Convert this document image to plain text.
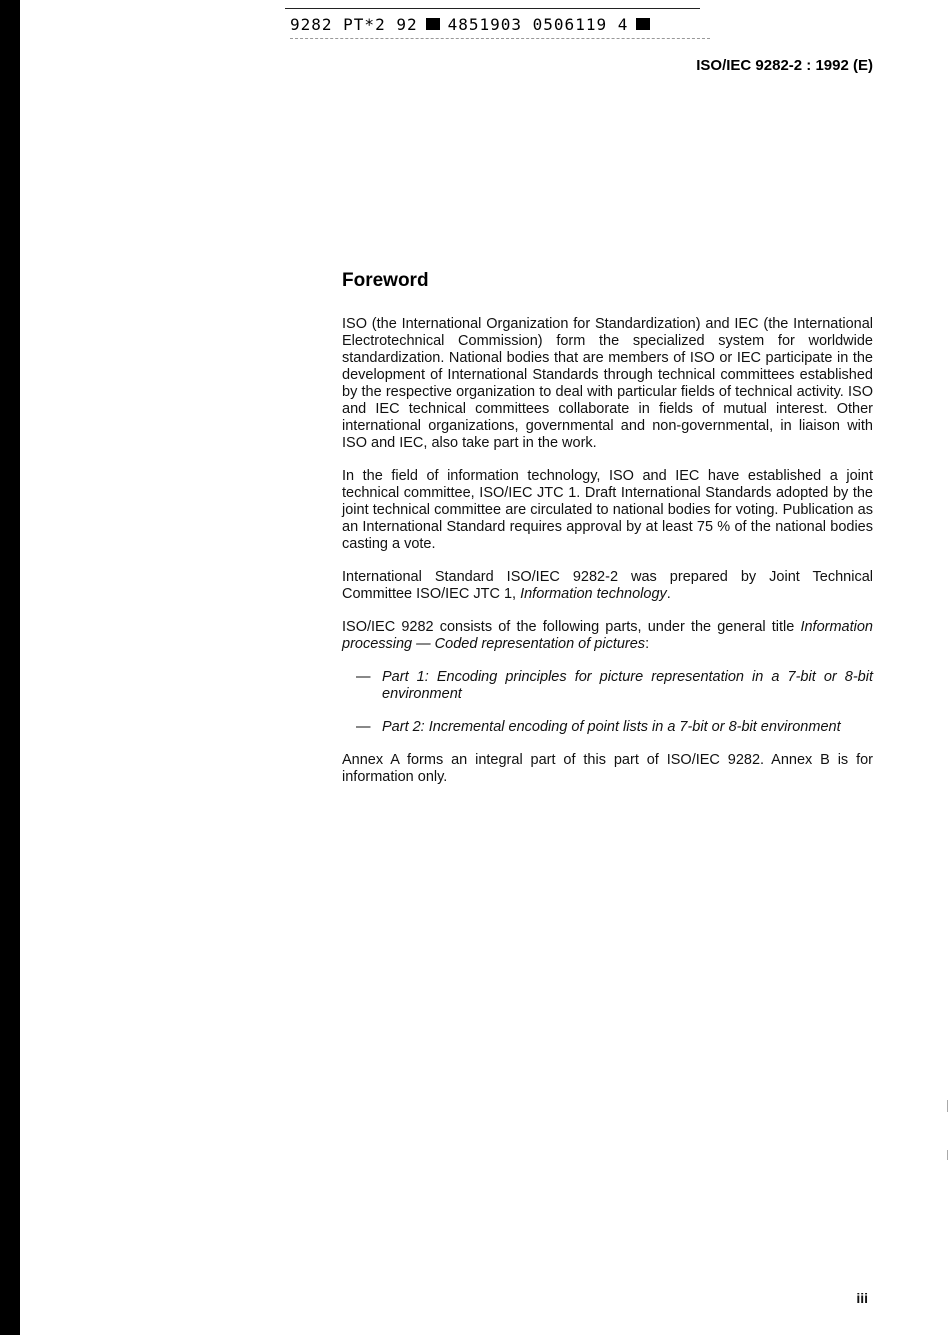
9282 PT*2 92 4851903 0506119 4
ISO/IEC 9282-2 : 1992 (E)
Foreword

ISO (the International Organization for Standardization) and IEC (the International Electrotechnical Commission) form the specialized system for worldwide standardization. National bodies that are members of ISO or IEC participate in the development of International Standards through technical committees established by the respective organization to deal with particular fields of technical activity. ISO and IEC technical committees collaborate in fields of mutual interest. Other international organizations, governmental and non-governmental, in liaison with ISO and IEC, also take part in the work.

In the field of information technology, ISO and IEC have established a joint technical committee, ISO/IEC JTC 1. Draft International Standards adopted by the joint technical committee are circulated to national bodies for voting. Publication as an International Standard requires approval by at least 75 % of the national bodies casting a vote.

International Standard ISO/IEC 9282-2 was prepared by Joint Technical Committee ISO/IEC JTC 1, Information technology.

ISO/IEC 9282 consists of the following parts, under the general title Information processing — Coded representation of pictures:

— Part 1: Encoding principles for picture representation in a 7-bit or 8-bit environment
— Part 2: Incremental encoding of point lists in a 7-bit or 8-bit environment

Annex A forms an integral part of this part of ISO/IEC 9282. Annex B is for information only.

iii
